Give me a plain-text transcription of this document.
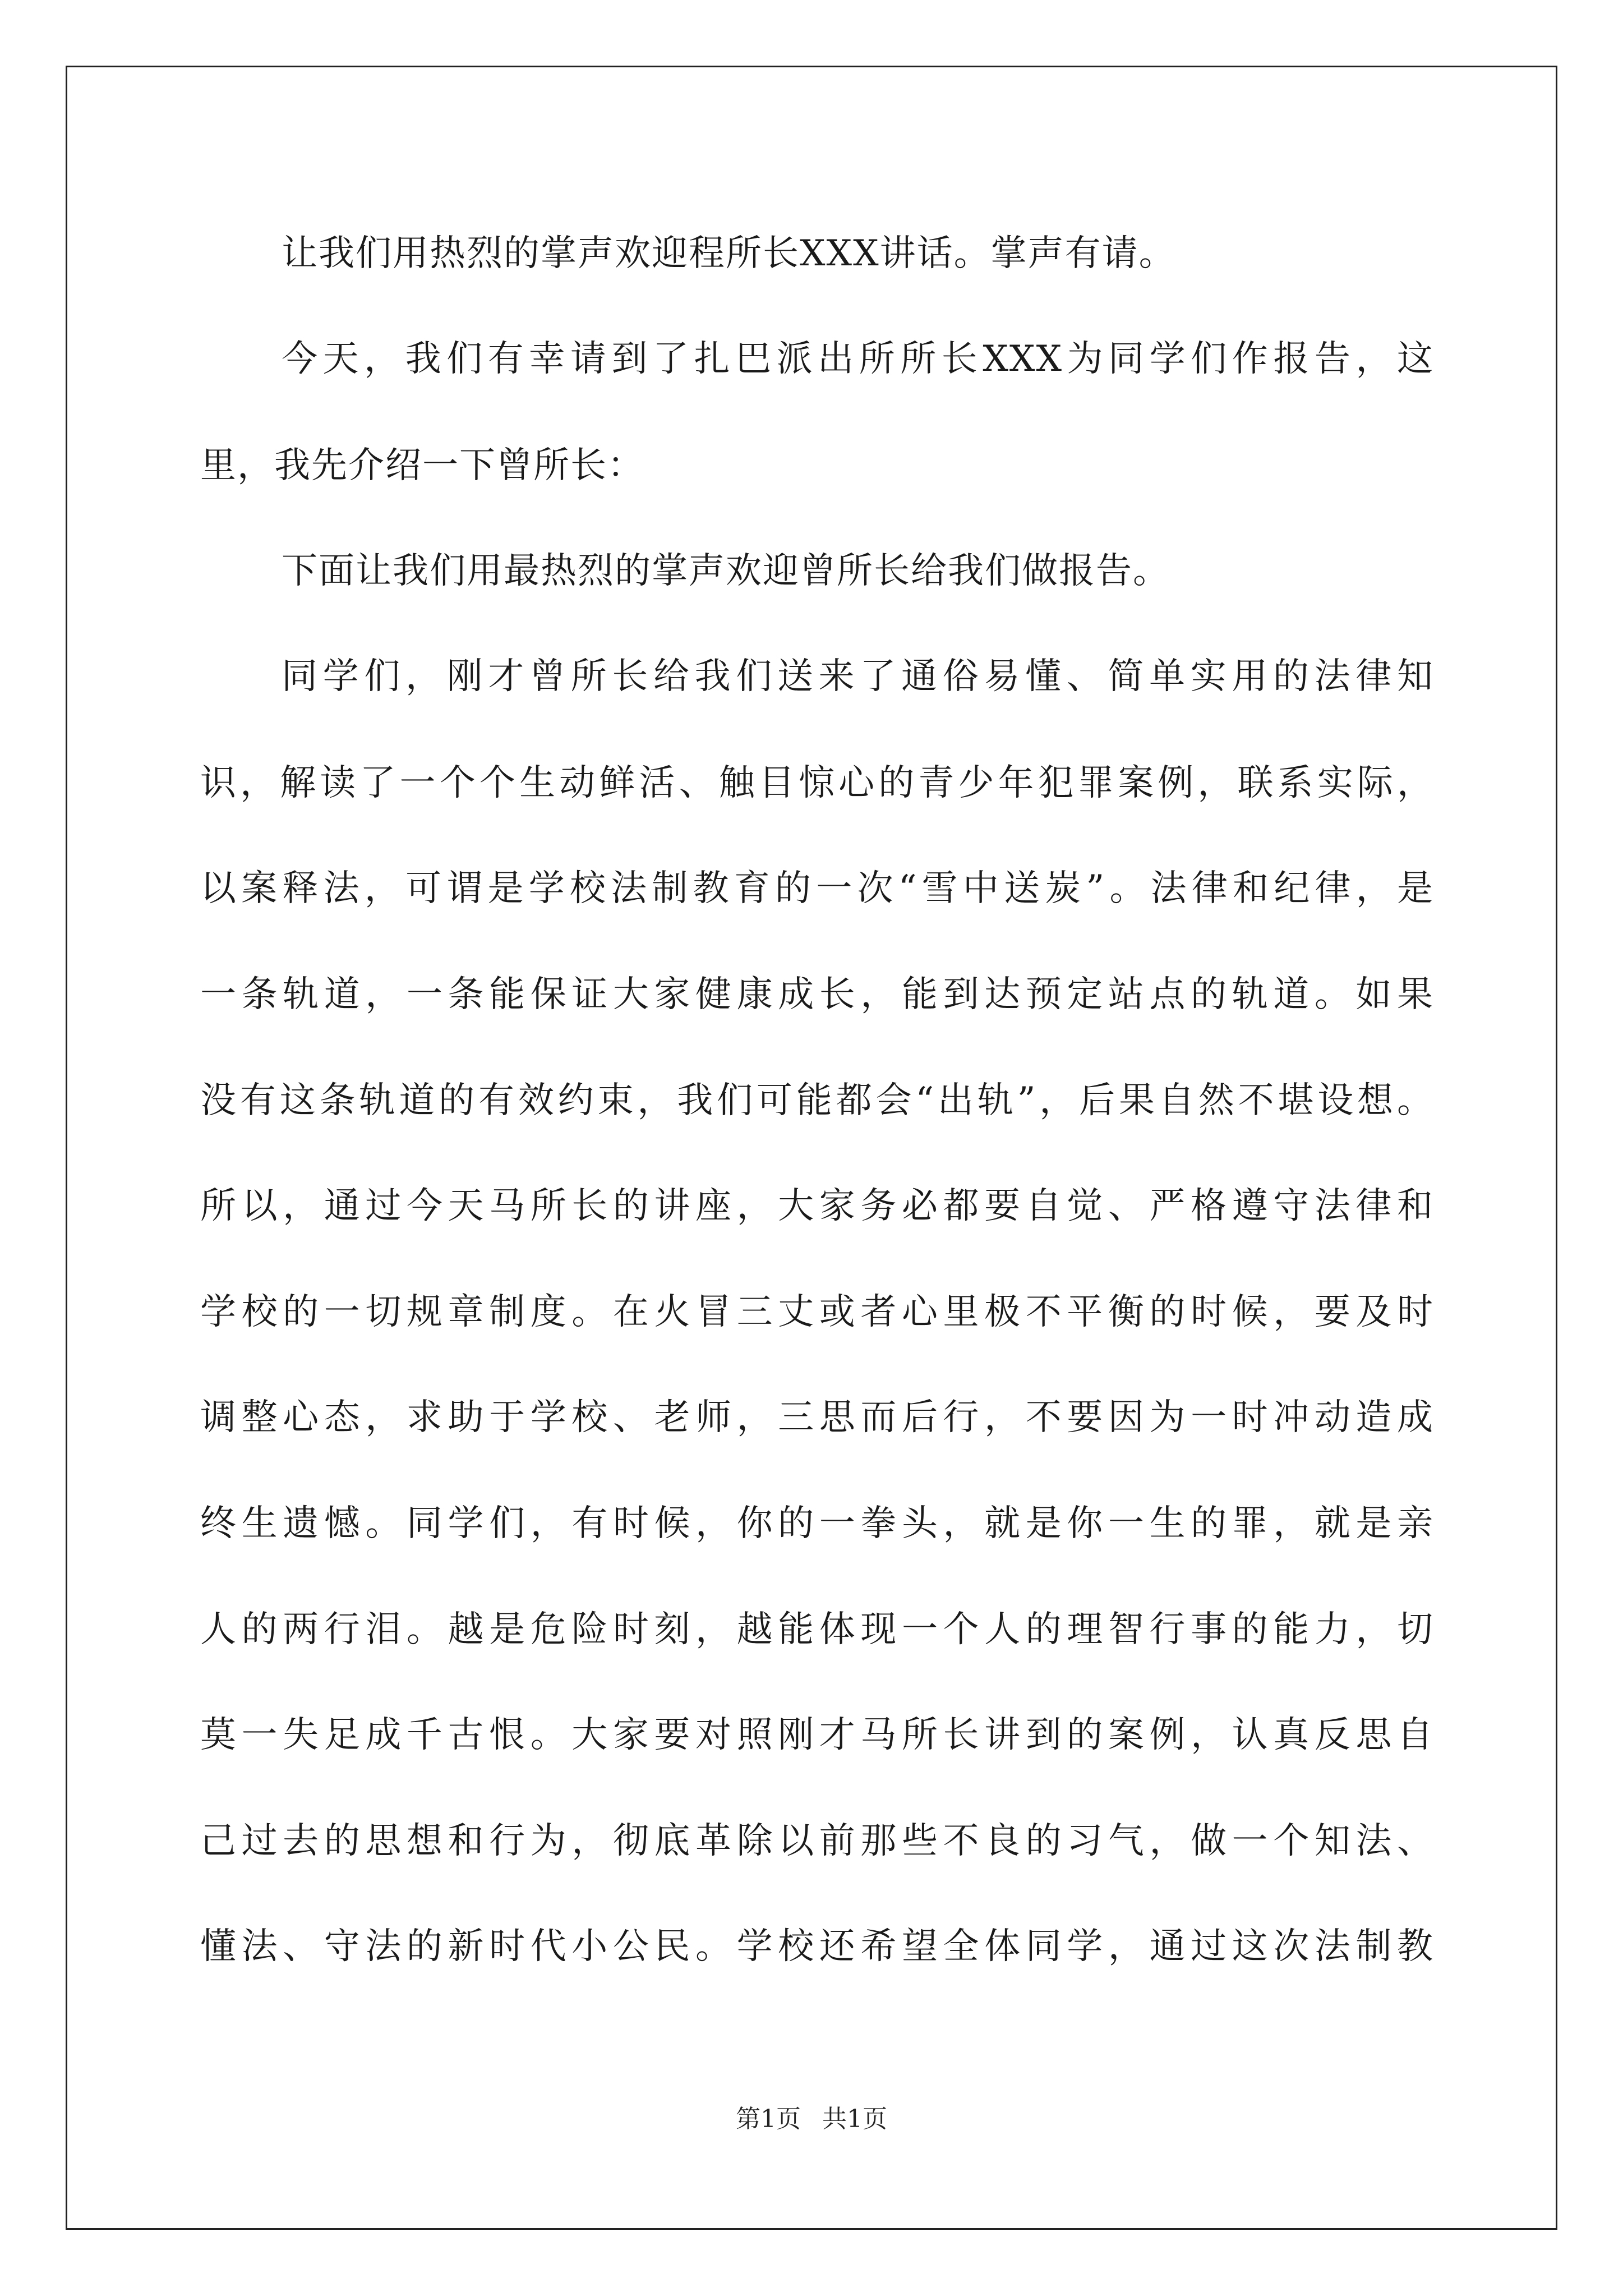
让我们用热烈的掌声欢迎程所长XXX讲话。掌声有请。
今天，我们有幸请到了扎巴派出所所长XXX为同学们作报告，这
里，我先介绍一下曾所长：
下面让我们用最热烈的掌声欢迎曾所长给我们做报告。
同学们，刚才曾所长给我们送来了通俗易懂、简单实用的法律知
识，解读了一个个生动鲜活、触目惊心的青少年犯罪案例，联系实际，
以案释法，可谓是学校法制教育的一次“雪中送炭”。法律和纪律，是
一条轨道，一条能保证大家健康成长，能到达预定站点的轨道。如果
没有这条轨道的有效约束，我们可能都会“出轨”，后果自然不堪设想。
所以，通过今天马所长的讲座，大家务必都要自觉、严格遵守法律和
学校的一切规章制度。在火冒三丈或者心里极不平衡的时候，要及时
调整心态，求助于学校、老师，三思而后行，不要因为一时冲动造成
终生遗憾。同学们，有时候，你的一拳头，就是你一生的罪，就是亲
人的两行泪。越是危险时刻，越能体现一个人的理智行事的能力，切
莫一失足成千古恨。大家要对照刚才马所长讲到的案例，认真反思自
己过去的思想和行为，彻底革除以前那些不良的习气，做一个知法、
懂法、守法的新时代小公民。学校还希望全体同学，通过这次法制教
第1页 共1页
